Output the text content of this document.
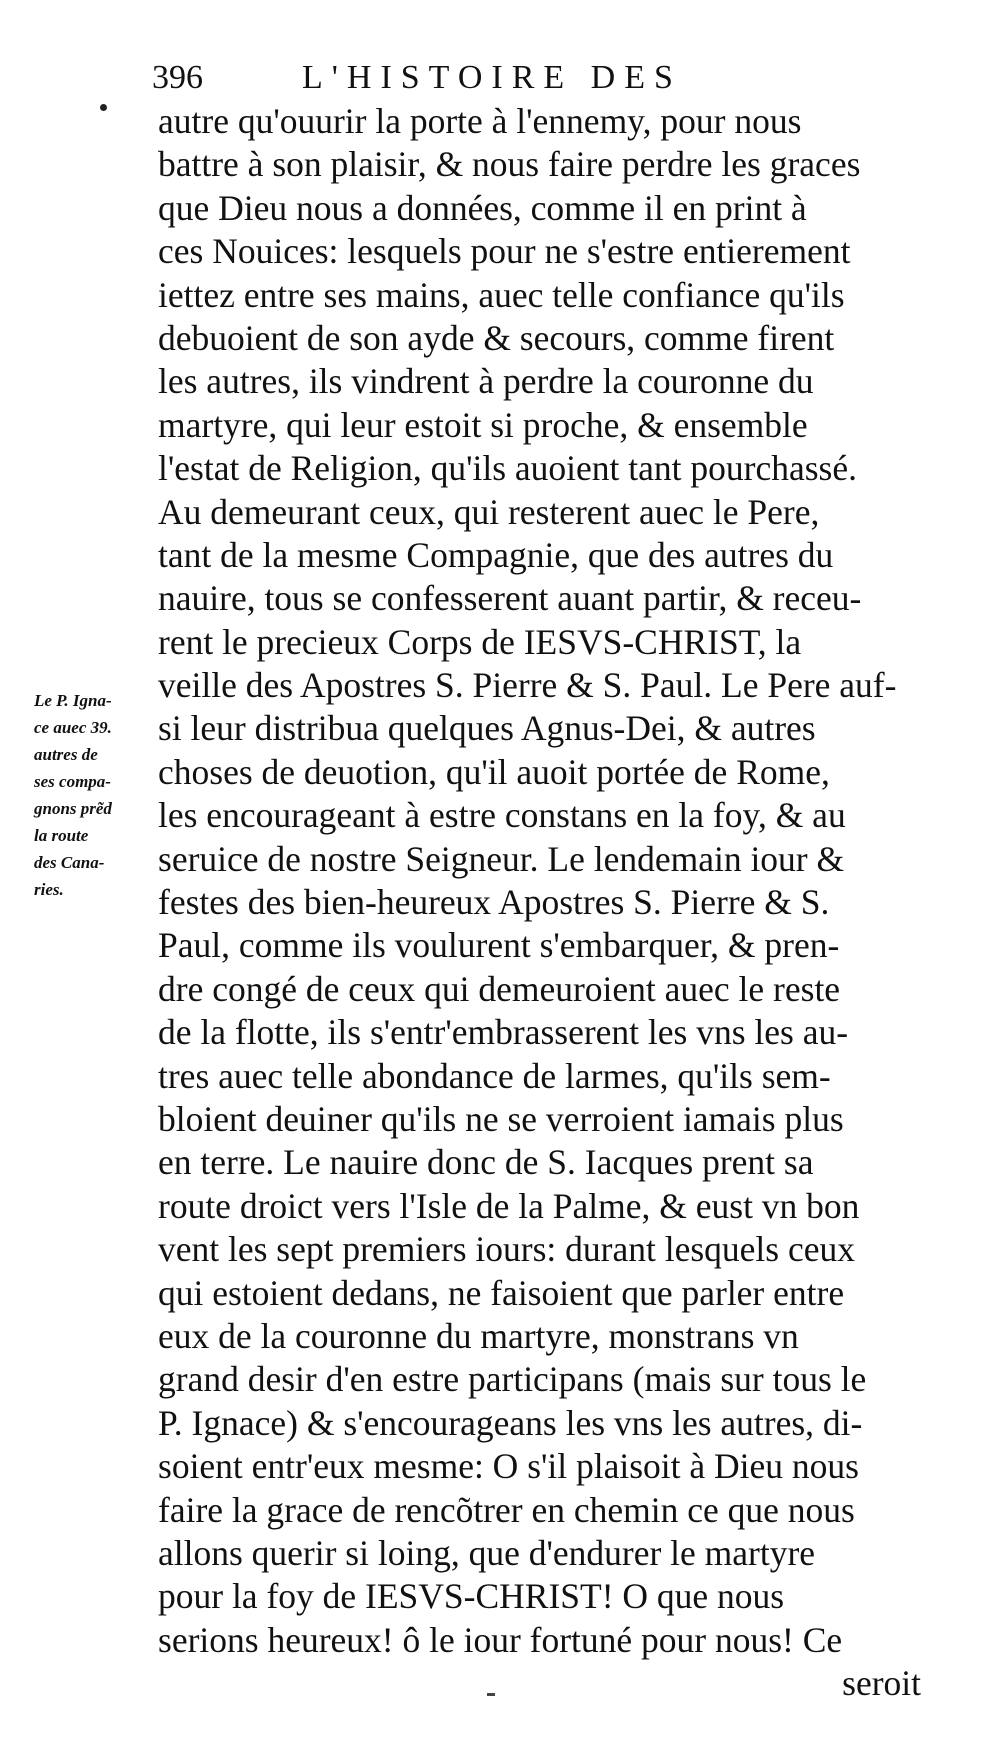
396	L'HISTOIRE DES
Le P. Igna-
ce auec 39.
autres de
ses compa-
gnons prẽd
la route
des Cana-
ries.
autre qu'ouurir la porte à l'ennemy, pour nous
battre à son plaisir, & nous faire perdre les graces
que Dieu nous a données, comme il en print à
ces Nouices: lesquels pour ne s'estre entierement
iettez entre ses mains, auec telle confiance qu'ils
debuoient de son ayde & secours, comme firent
les autres, ils vindrent à perdre la couronne du
martyre, qui leur estoit si proche, & ensemble
l'estat de Religion, qu'ils auoient tant pourchassé.
Au demeurant ceux, qui resterent auec le Pere,
tant de la mesme Compagnie, que des autres du
nauire, tous se confesserent auant partir, & receu-
rent le precieux Corps de IESVS-CHRIST, la
veille des Apostres S. Pierre & S. Paul. Le Pere auf-
si leur distribua quelques Agnus-Dei, & autres
choses de deuotion, qu'il auoit portée de Rome,
les encourageant à estre constans en la foy, & au
seruice de nostre Seigneur. Le lendemain iour &
festes des bien-heureux Apostres S. Pierre & S.
Paul, comme ils voulurent s'embarquer, & pren-
dre congé de ceux qui demeuroient auec le reste
de la flotte, ils s'entr'embrasserent les vns les au-
tres auec telle abondance de larmes, qu'ils sem-
bloient deuiner qu'ils ne se verroient iamais plus
en terre. Le nauire donc de S. Iacques prent sa
route droict vers l'Isle de la Palme, & eust vn bon
vent les sept premiers iours: durant lesquels ceux
qui estoient dedans, ne faisoient que parler entre
eux de la couronne du martyre, monstrans vn
grand desir d'en estre participans (mais sur tous le
P. Ignace) & s'encourageans les vns les autres, di-
soient entr'eux mesme: O s'il plaisoit à Dieu nous
faire la grace de rencõtrer en chemin ce que nous
allons querir si loing, que d'endurer le martyre
pour la foy de IESVS-CHRIST! O que nous
serions heureux! ô le iour fortuné pour nous! Ce
seroit
